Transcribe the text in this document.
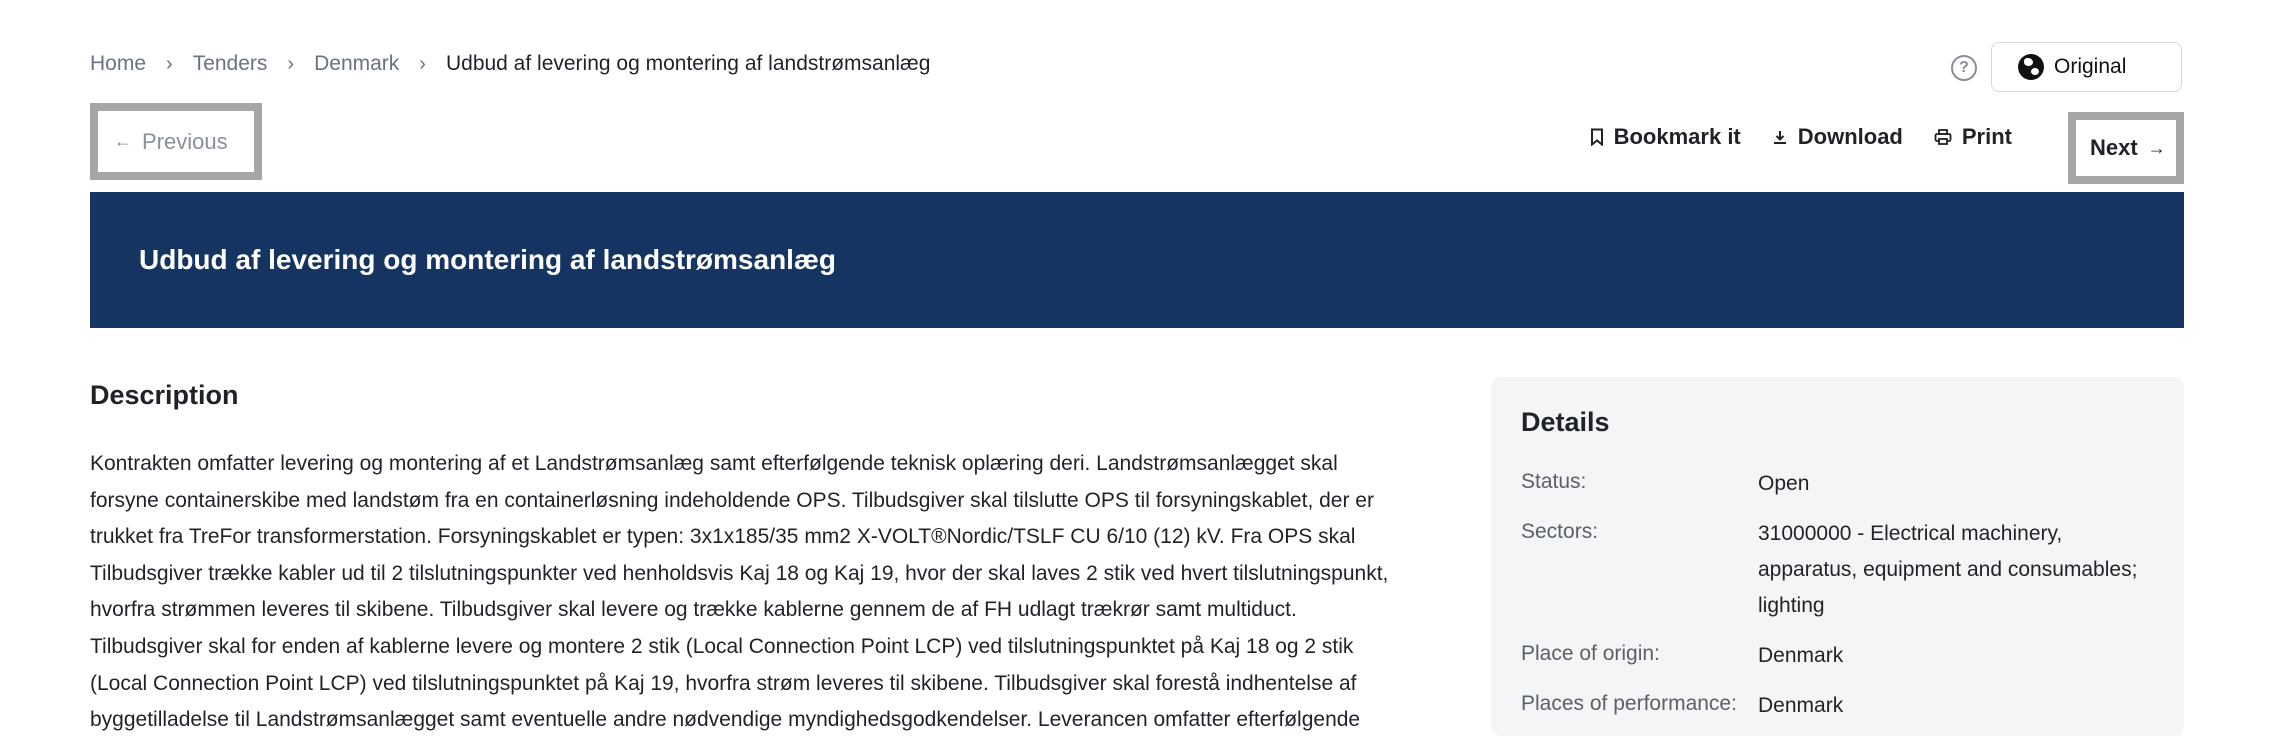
Home › Tenders › Denmark › Udbud af levering og montering af landstrømsanlæg	?	Original
← Previous	Bookmark it	Download	Print	Next →
Udbud af levering og montering af landstrømsanlæg
Description

Kontrakten omfatter levering og montering af et Landstrømsanlæg samt efterfølgende teknisk oplæring deri. Landstrømsanlægget skal forsyne containerskibe med landstøm fra en containerløsning indeholdende OPS. Tilbudsgiver skal tilslutte OPS til forsyningskablet, der er trukket fra TreFor transformerstation. Forsyningskablet er typen: 3x1x185/35 mm2 X-VOLT®Nordic/TSLF CU 6/10 (12) kV. Fra OPS skal Tilbudsgiver trække kabler ud til 2 tilslutningspunkter ved henholdsvis Kaj 18 og Kaj 19, hvor der skal laves 2 stik ved hvert tilslutningspunkt, hvorfra strømmen leveres til skibene. Tilbudsgiver skal levere og trække kablerne gennem de af FH udlagt trækrør samt multiduct. Tilbudsgiver skal for enden af kablerne levere og montere 2 stik (Local Connection Point LCP) ved tilslutningspunktet på Kaj 18 og 2 stik (Local Connection Point LCP) ved tilslutningspunktet på Kaj 19, hvorfra strøm leveres til skibene. Tilbudsgiver skal forestå indhentelse af byggetilladelse til Landstrømsanlægget samt eventuelle andre nødvendige myndighedsgodkendelser. Leverancen omfatter efterfølgende

Details
Status:	Open
Sectors:	31000000 - Electrical machinery, apparatus, equipment and consumables; lighting
Place of origin:	Denmark
Places of performance:	Denmark
